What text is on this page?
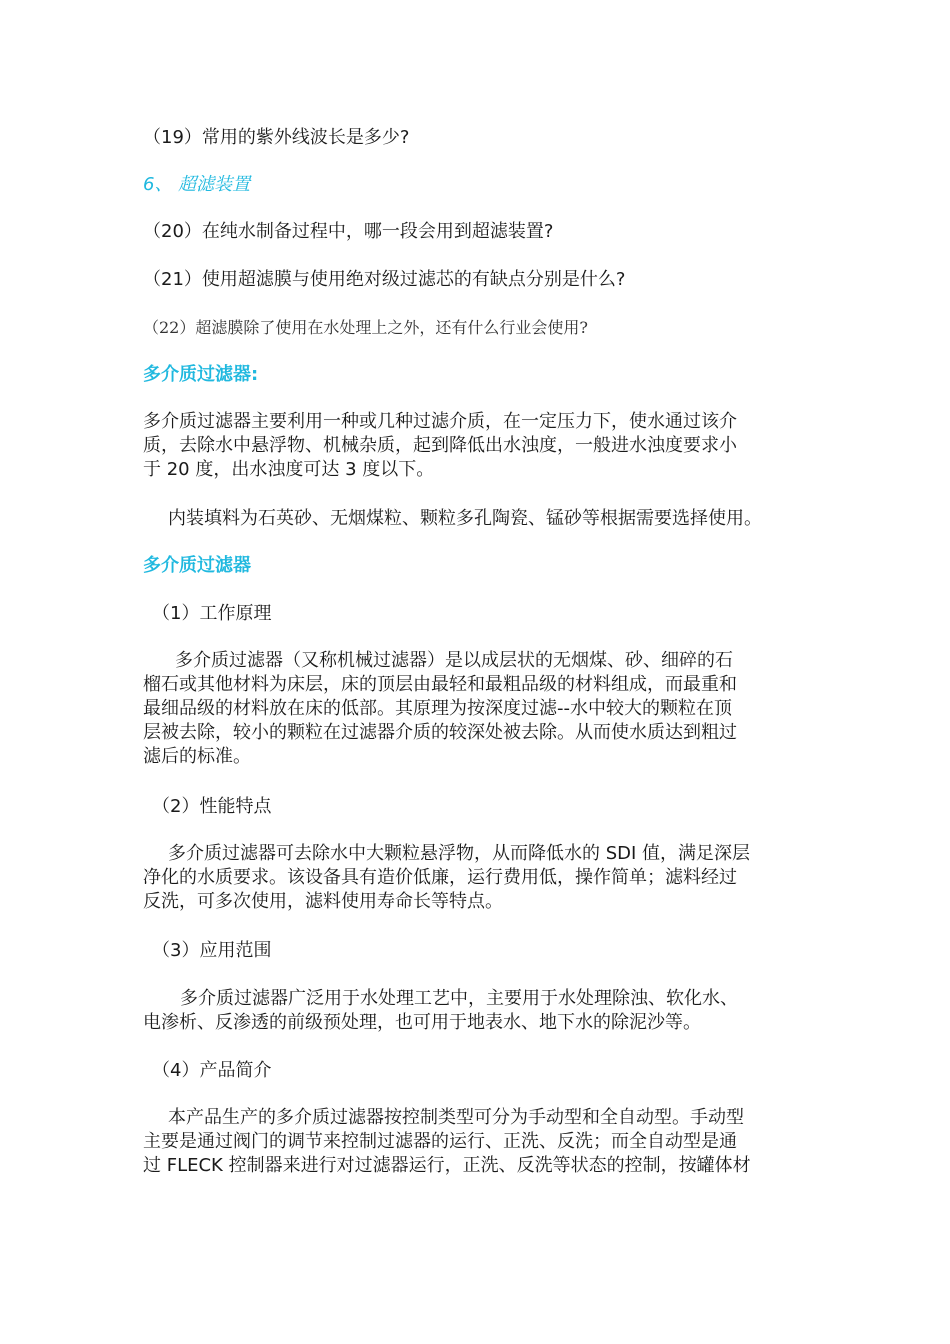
（19）常用的紫外线波长是多少?
6、 超滤装置
（20）在纯水制备过程中，哪一段会用到超滤装置?
（21）使用超滤膜与使用绝对级过滤芯的有缺点分别是什么?
（22）超滤膜除了使用在水处理上之外，还有什么行业会使用?
多介质过滤器:
多介质过滤器主要利用一种或几种过滤介质，在一定压力下，使水通过该介
质，去除水中悬浮物、机械杂质，起到降低出水浊度，一般进水浊度要求小
于 20 度，出水浊度可达 3 度以下。
内装填料为石英砂、无烟煤粒、颗粒多孔陶瓷、锰砂等根据需要选择使用。
多介质过滤器
（1）工作原理
多介质过滤器（又称机械过滤器）是以成层状的无烟煤、砂、细碎的石
榴石或其他材料为床层，床的顶层由最轻和最粗品级的材料组成，而最重和
最细品级的材料放在床的低部。其原理为按深度过滤--水中较大的颗粒在顶
层被去除，较小的颗粒在过滤器介质的较深处被去除。从而使水质达到粗过
滤后的标准。
（2）性能特点
多介质过滤器可去除水中大颗粒悬浮物，从而降低水的 SDI 值，满足深层
净化的水质要求。该设备具有造价低廉，运行费用低，操作简单；滤料经过
反洗，可多次使用，滤料使用寿命长等特点。
（3）应用范围
多介质过滤器广泛用于水处理工艺中，主要用于水处理除浊、软化水、
电渗析、反渗透的前级预处理，也可用于地表水、地下水的除泥沙等。
（4）产品简介
本产品生产的多介质过滤器按控制类型可分为手动型和全自动型。手动型
主要是通过阀门的调节来控制过滤器的运行、正洗、反洗；而全自动型是通
过 FLECK 控制器来进行对过滤器运行，正洗、反洗等状态的控制，按罐体材
